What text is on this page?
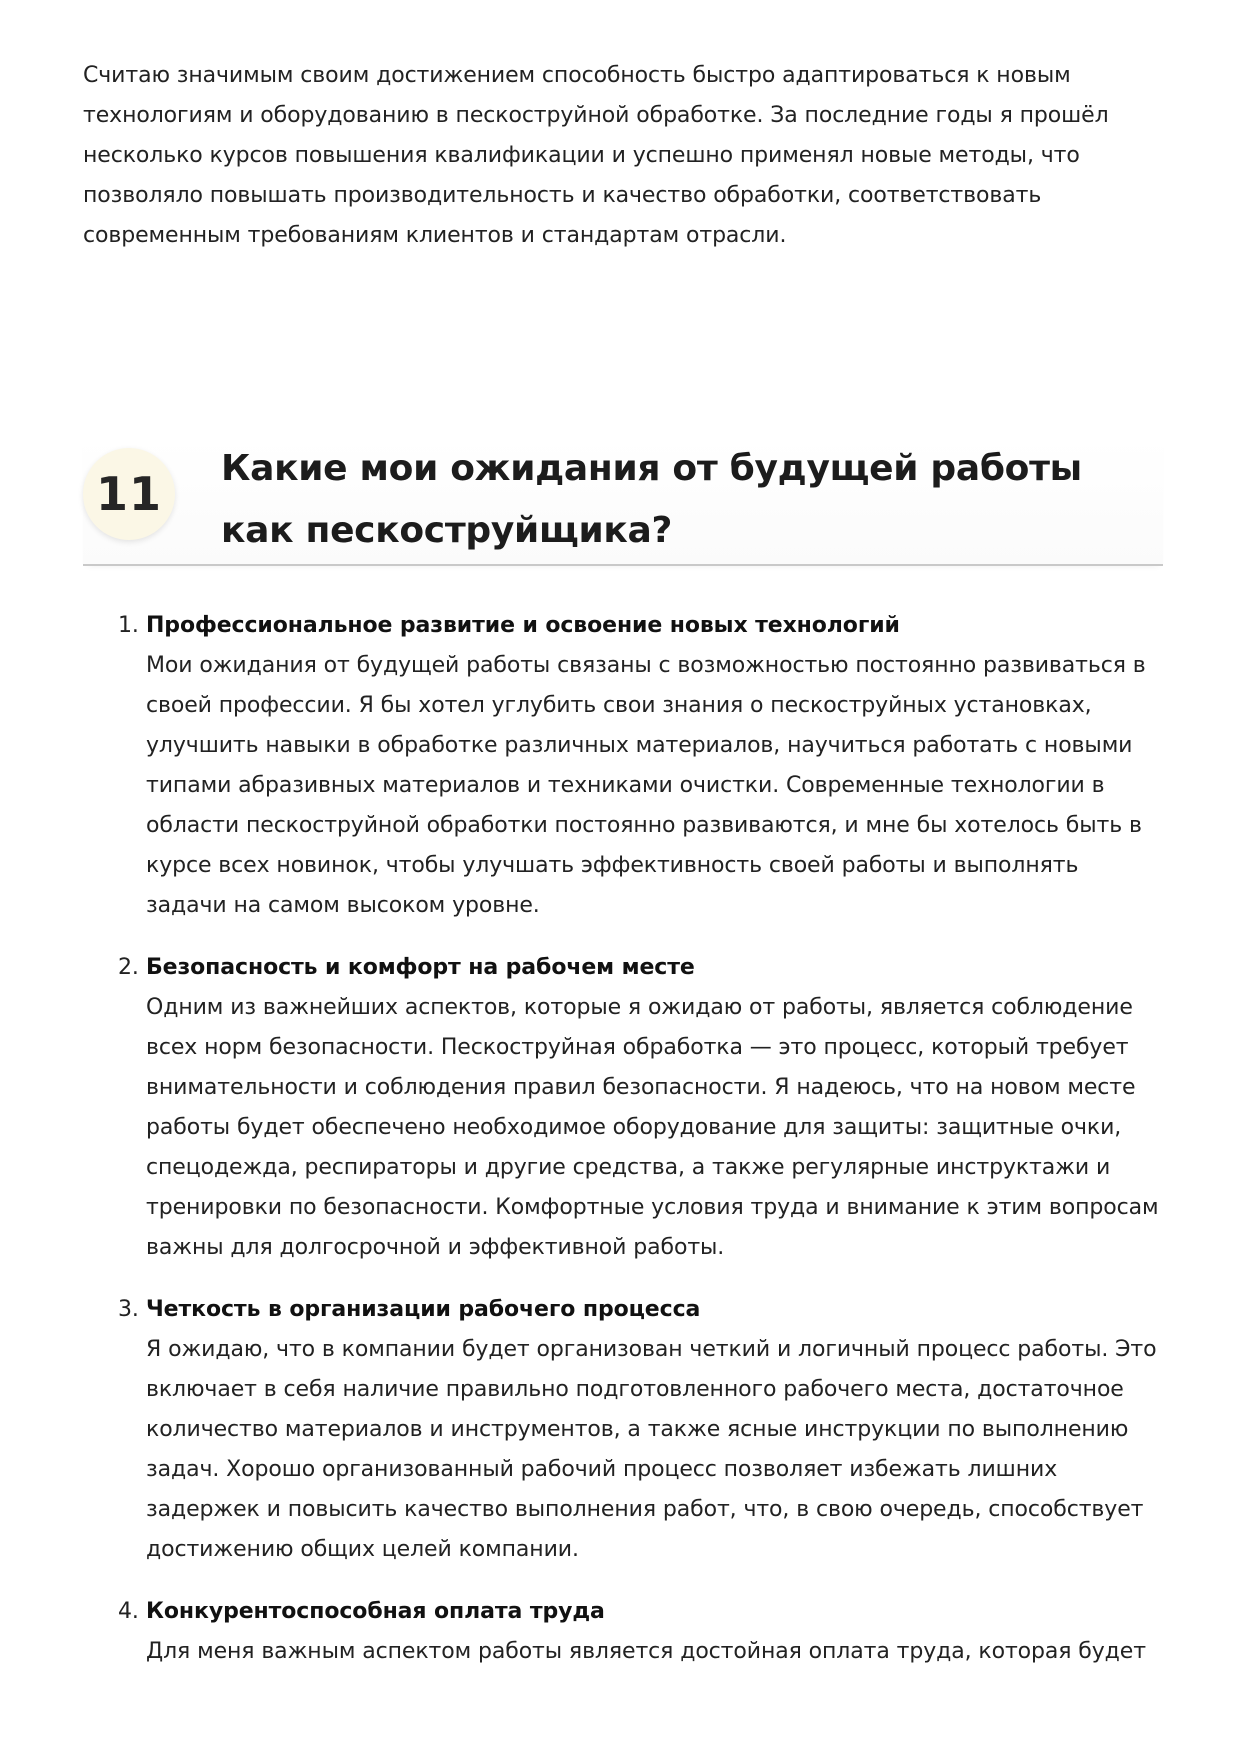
Считаю значимым своим достижением способность быстро адаптироваться к новым технологиям и оборудованию в пескоструйной обработке. За последние годы я прошёл несколько курсов повышения квалификации и успешно применял новые методы, что позволяло повышать производительность и качество обработки, соответствовать современным требованиям клиентов и стандартам отрасли.

11	Какие мои ожидания от будущей работы как пескоструйщика?
1. Профессиональное развитие и освоение новых технологий
Мои ожидания от будущей работы связаны с возможностью постоянно развиваться в своей профессии. Я бы хотел углубить свои знания о пескоструйных установках, улучшить навыки в обработке различных материалов, научиться работать с новыми типами абразивных материалов и техниками очистки. Современные технологии в области пескоструйной обработки постоянно развиваются, и мне бы хотелось быть в курсе всех новинок, чтобы улучшать эффективность своей работы и выполнять задачи на самом высоком уровне.
2. Безопасность и комфорт на рабочем месте
Одним из важнейших аспектов, которые я ожидаю от работы, является соблюдение всех норм безопасности. Пескоструйная обработка — это процесс, который требует внимательности и соблюдения правил безопасности. Я надеюсь, что на новом месте работы будет обеспечено необходимое оборудование для защиты: защитные очки, спецодежда, респираторы и другие средства, а также регулярные инструктажи и тренировки по безопасности. Комфортные условия труда и внимание к этим вопросам важны для долгосрочной и эффективной работы.
3. Четкость в организации рабочего процесса
Я ожидаю, что в компании будет организован четкий и логичный процесс работы. Это включает в себя наличие правильно подготовленного рабочего места, достаточное количество материалов и инструментов, а также ясные инструкции по выполнению задач. Хорошо организованный рабочий процесс позволяет избежать лишних задержек и повысить качество выполнения работ, что, в свою очередь, способствует достижению общих целей компании.
4. Конкурентоспособная оплата труда
Для меня важным аспектом работы является достойная оплата труда, которая будет
